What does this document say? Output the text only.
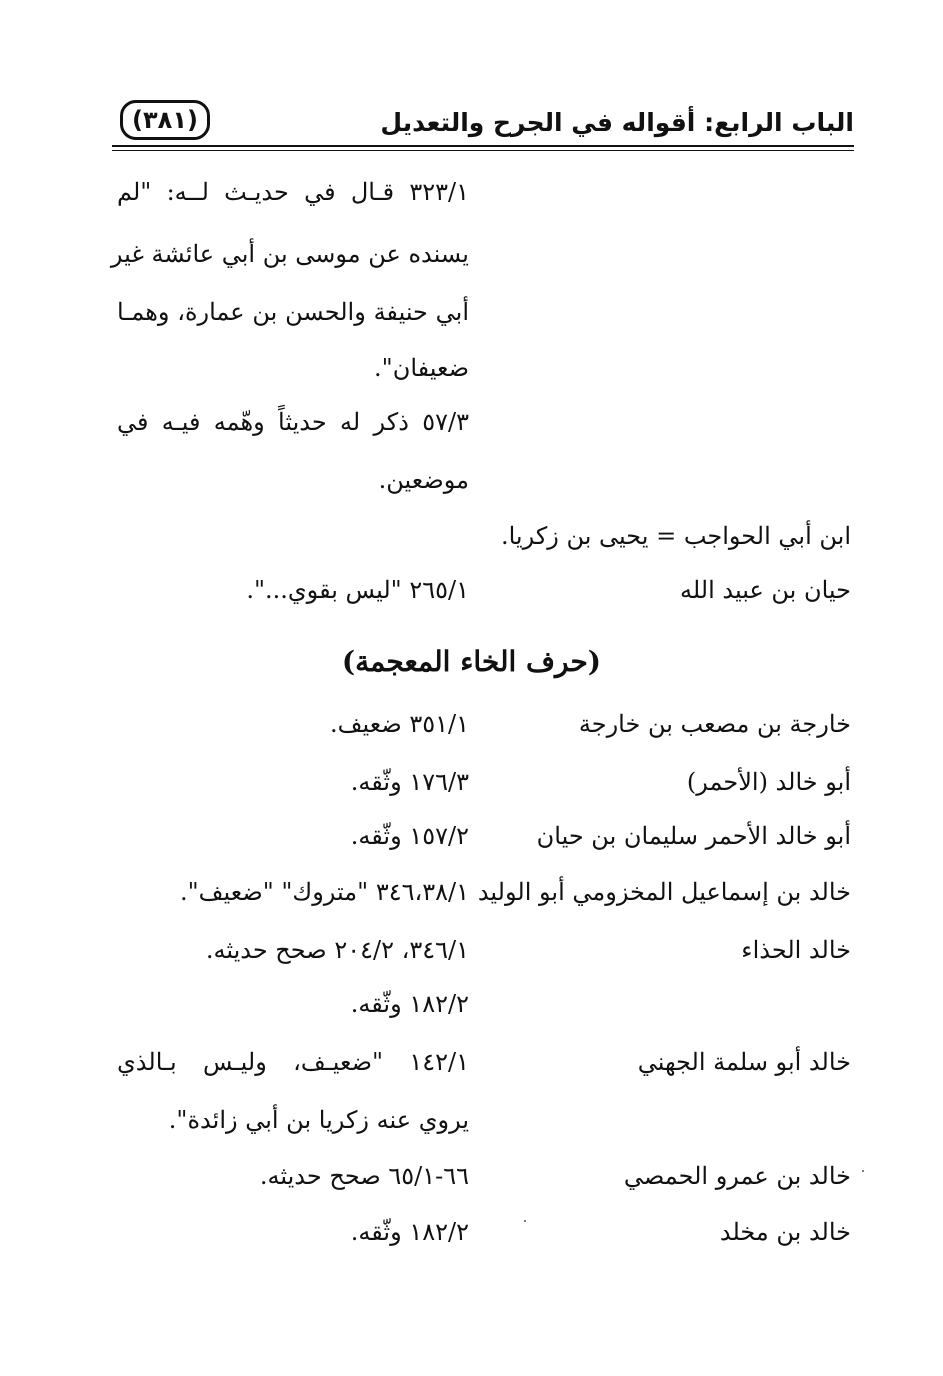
الباب الرابع: أقواله في الجرح والتعديل
(٣٨١)
٣٢٣/١ قـال في حديـث لــه: "لم
يسنده عن موسى بن أبي عائشة غير
أبي حنيفة والحسن بن عمارة، وهمـا
ضعيفان".
٥٧/٣ ذكر له حديثاً وهّمه فيـه في
موضعين.
ابن أبي الحواجب = يحيى بن زكريا.
حيان بن عبيد الله
٢٦٥/١ "ليس بقوي...".
(حرف الخاء المعجمة)
خارجة بن مصعب بن خارجة
٣٥١/١ ضعيف.
أبو خالد (الأحمر)
١٧٦/٣ وثّقه.
أبو خالد الأحمر سليمان بن حيان
١٥٧/٢ وثّقه.
خالد بن إسماعيل المخزومي أبو الوليد
٣٤٦،٣٨/١ "متروك" "ضعيف".
خالد الحذاء
٣٤٦/١، ٢٠٤/٢ صحح حديثه.
١٨٢/٢ وثّقه.
خالد أبو سلمة الجهني
١٤٢/١ "ضعيـف، وليـس بـالذي
يروي عنه زكريا بن أبي زائدة".
خالد بن عمرو الحمصي
٦٦-٦٥/١ صحح حديثه.
خالد بن مخلد
١٨٢/٢ وثّقه.
